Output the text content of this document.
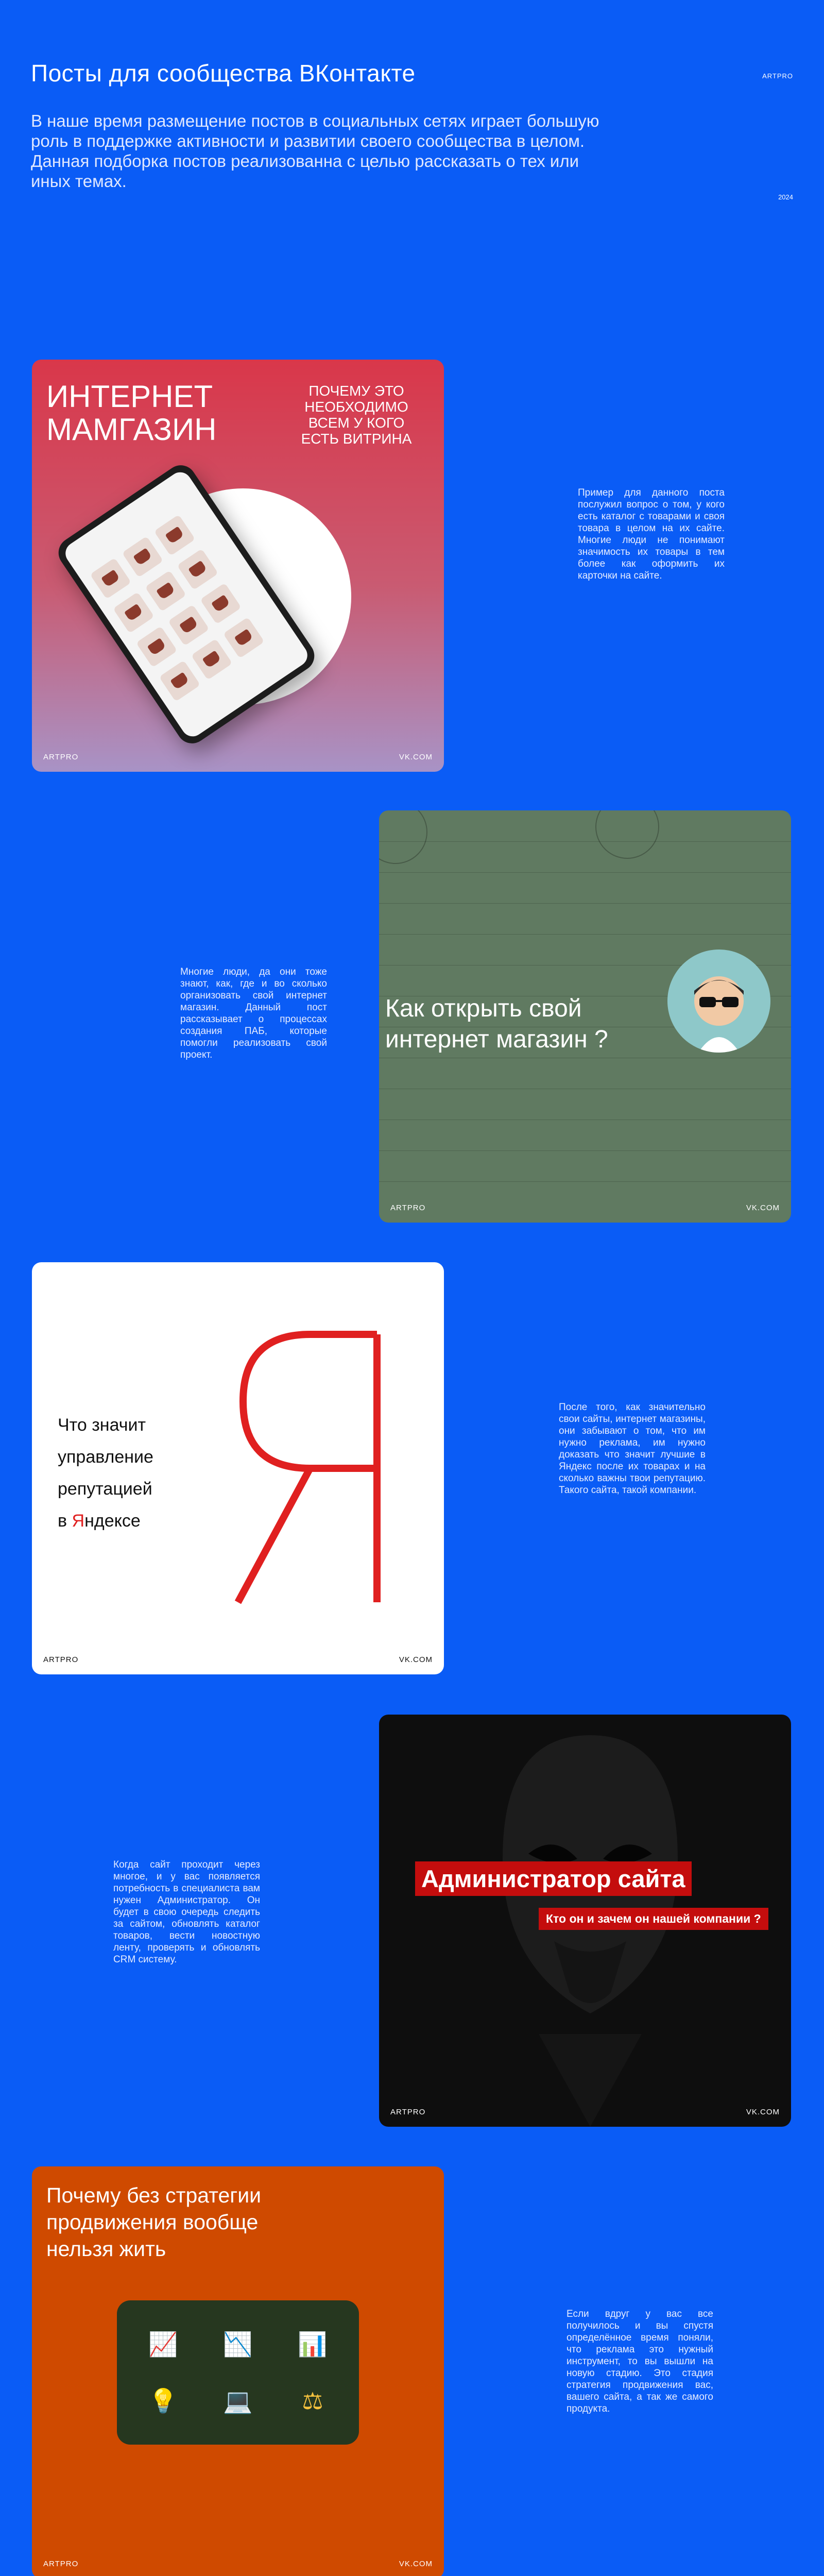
Посты для сообщества ВКонтакте	ARTPRO
В наше время размещение постов в социальных сетях играет большую роль в поддержке активности и развитии своего сообщества в целом. Данная подборка постов реализованна с целью рассказать о тех или иных темах.
2024
ИНТЕРНЕТ МАМГАЗИН
ПОЧЕМУ ЭТО НЕОБХОДИМО ВСЕМ У КОГО ЕСТЬ ВИТРИНА
ARTPRO	VK.COM
Пример для данного поста послужил вопрос о том, у кого есть каталог с товарами и своя товара в целом на их сайте. Многие люди не понимают значимость их товары в тем более как оформить их карточки на сайте.
Как открыть свой интернет магазин ?
ARTPRO	VK.COM
Многие люди, да они тоже знают, как, где и во сколько организовать свой интернет магазин. Данный пост рассказывает о процессах создания ПАБ, которые помогли реализовать свой проект.
Что значит
управление
репутацией
в Яндексе
ARTPRO	VK.COM
После того, как значительно свои сайты, интернет магазины, они забывают о том, что им нужно реклама, им нужно доказать что значит лучшие в Яндекс после их товарах и на сколько важны твои репутацию. Такого сайта, такой компании.
Администратор сайта
Кто он и зачем он нашей компании ?
ARTPRO	VK.COM
Когда сайт проходит через многое, и у вас появляется потребность в специалиста вам нужен Администратор. Он будет в свою очередь следить за сайтом, обновлять каталог товаров, вести новостную ленту, проверять и обновлять CRM систему.
Почему без стратегии продвижения вообще нельзя жить
📈 📉 📊
💡 💻	⚖
ARTPRO	VK.COM
Если вдруг у вас все получилось и вы спустя определённое время поняли, что реклама это нужный инструмент, то вы вышли на новую стадию. Это стадия стратегия продвижения вас, вашего сайта, а так же самого продукта.
